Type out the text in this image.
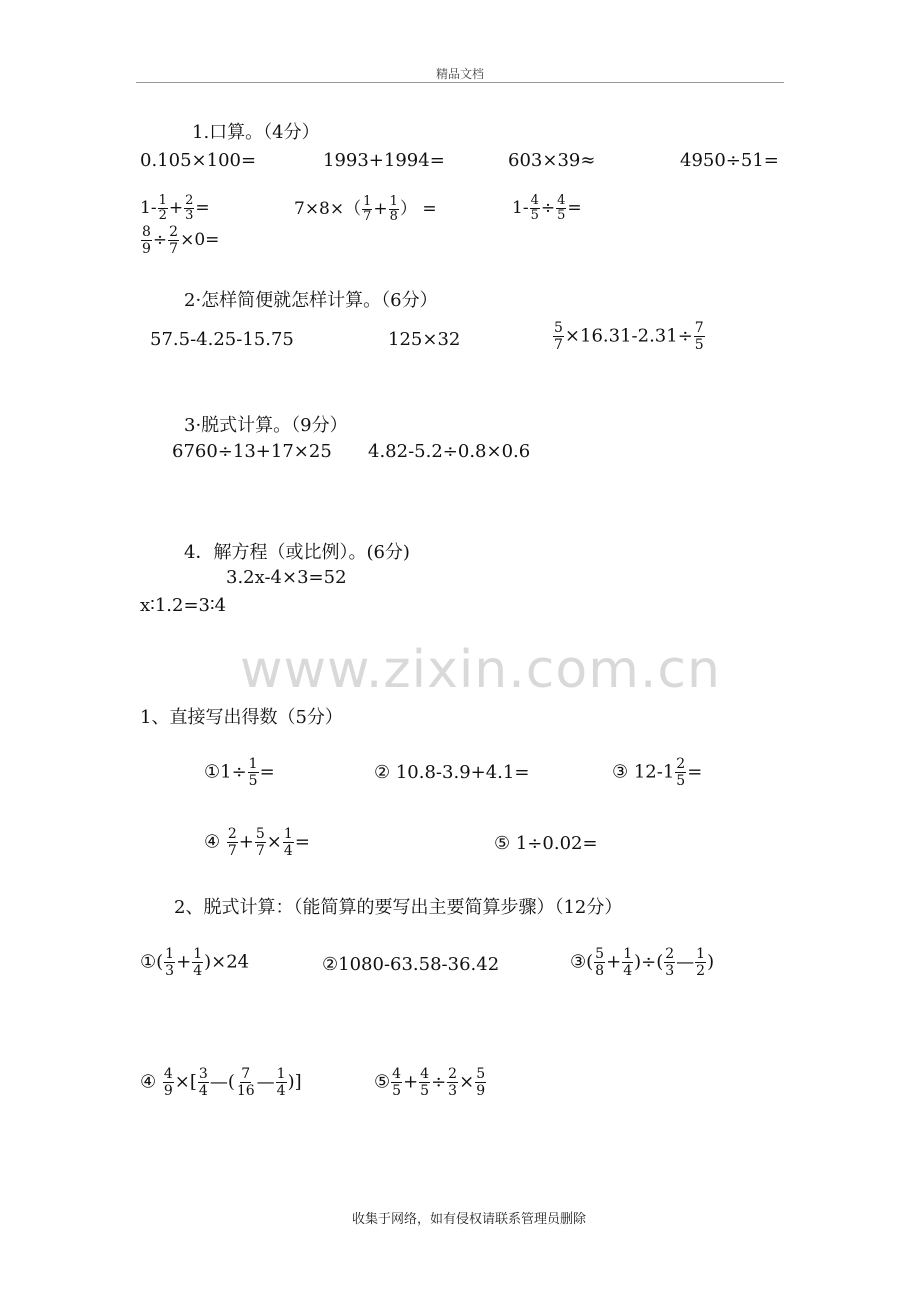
精品文档
1.口算。（4分）
0.105×100=	1993+1994=	603×39≈	4950÷51=
$1- \frac{1}{2} + \frac{2}{3}$ =	$7\times 8\times( \frac{1}{7} + \frac{1}{8}$ ） =	$1- \frac{4}{5} \div \frac{4}{5}$ =
$\frac{8}{9} \div \frac{2}{7} \times 0=$
2·怎样简便就怎样计算。（6分）
57.5-4.25-15.75	125×32	$\frac{5}{7} \times 16.31-2.31\div \frac{7}{5}$
3·脱式计算。（9分）
6760÷13+17×25 4.82-5.2÷0.8×0.6
4．解方程（或比例）。(6分)
3.2x-4×3=52
x∶1.2=3∶4
www.zixin.com.cn
1、直接写出得数（5分）
①1÷ $\frac{1}{5}$ =	② 10.8-3.9+4.1=	③ $12-1 \frac{2}{5}$ =
④ $\frac{2}{7} + \frac{5}{7} \times \frac{1}{4}$ =	⑤ 1÷0.02=
2、脱式计算：（能简算的要写出主要简算步骤）（12分）
①( $\frac{1}{3} + \frac{1}{4} )\times 24$	②1080-63.58-36.42	③( $\frac{5}{8} + \frac{1}{4}$ )÷( $\frac{2}{3}$ — $\frac{1}{2}$ )
④ $\frac{4}{9}$ ×[ $\frac{3}{4}$ —( $\frac{7}{16}$ — $\frac{1}{4}$ )]	⑤ $\frac{4}{5} + \frac{4}{5} \div \frac{2}{3} \times \frac{5}{9}$
收集于网络，如有侵权请联系管理员删除
